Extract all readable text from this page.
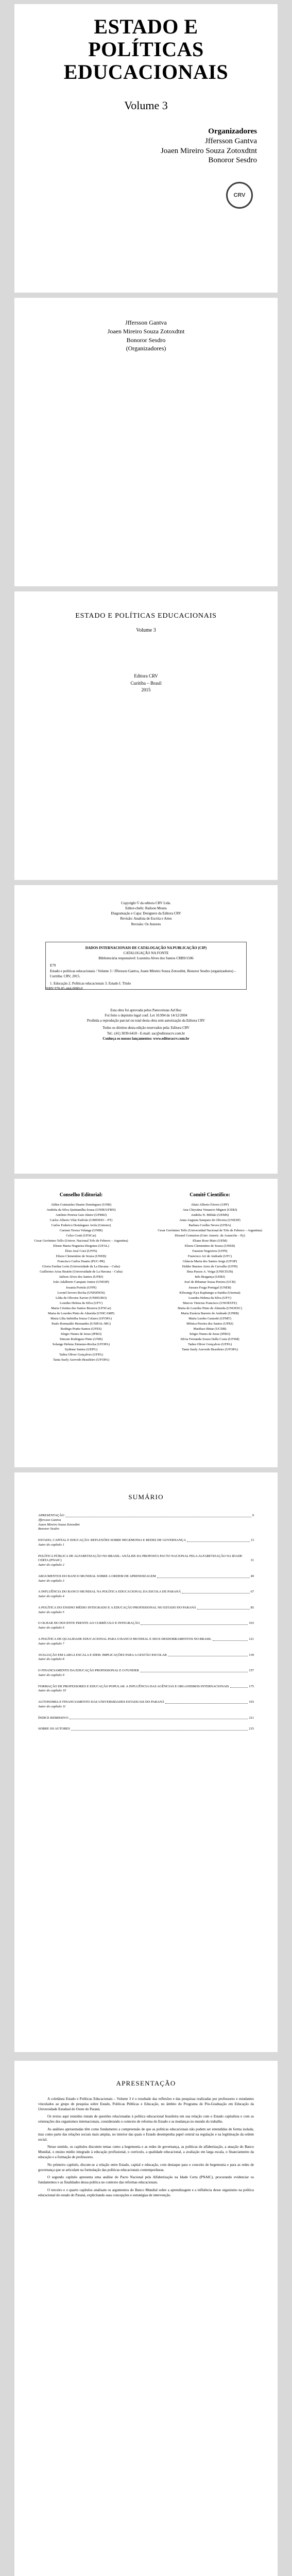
ESTADO E
POLÍTICAS
EDUCACIONAIS
Volume 3
Organizadores
Jffersson Gantva
Joaen Mireiro Souza Zotoxdtnt
Bonoror Sesdro
CRV
Jffersson Gantva
Joaen Mireiro Souza Zotoxdtnt
Bonoror Sesdro
(Organizadores)
ESTADO E POLÍTICAS EDUCACIONAIS
Volume 3
Editora CRV
Curitiba – Brasil
2015
Copyright © da editora CRV Ltda.
Editor-chefe: Railson Moura
Diagramação e Capa: Designers da Editora CRV
Revisão: Analista de Escrita e Artes
Revisão: Os Autores
DADOS INTERNACIONAIS DE CATALOGAÇÃO NA PUBLICAÇÃO (CIP)
CATALOGAÇÃO NA FONTE
Bibliotecária responsável: Luzenira Alves dos Santos CRB9/1506
E79
Estado e políticas educacionais / Volume 3 / Jffersson Gantva, Joaen Mireiro Souza Zotoxdtnt, Bonoror Sesdro (organizadores) – Curitiba: CRV, 2015.
1. Educação 2. Políticas educacionais 3. Estado I. Título
ISBN 978-85-444-0000-0
Esta obra foi aprovada pelos Pareceristas Ad Hoc
Foi feito o depósito legal conf. Lei 10.994 de 14/12/2004
Proibida a reprodução parcial ou total desta obra sem autorização da Editora CRV
Todos os direitos desta edição reservados pela: Editora CRV
Tel.: (41) 3039-6418 - E-mail: sac@editoracrv.com.br
Conheça os nossos lançamentos: www.editoracrv.com.br
Conselho Editorial:
Aldira Guimarães Duarte Domínguez (UNB)
Andréia da Silva Quintanilha Sousa (UNIR/UFRN)
Antônio Pereira Gaio Júnior (UFRRJ)
Carlos Alberto Vilar Estêvão (UMINHO – PT)
Carlos Federico Domínguez Avila (Unieuro)
Carmen Tereza Velanga (UNIR)
Celso Conti (UFSCar)
Cesar Gerónimo Tello (Univer. Nacional Três de Febrero – Argentina)
Elione Maria Nogueira Diogenes (UFAL)
Élsio José Corá (UFFS)
Elizeu Clementino de Souza (UNEB)
Francisco Carlos Duarte (PUC-PR)
Gloria Fariñas León (Universidade de La Havana – Cuba)
Guillermo Arias Beatón (Universidade de La Havana – Cuba)
Jailson Alves dos Santos (UFRJ)
João Adalberto Campato Junior (UNESP)
Josania Portela (UFPI)
Leonel Severo Rocha (UNISINOS)
Lídia de Oliveira Xavier (UNIEURO)
Lourdes Helena da Silva (UFV)
Maria Cristina dos Santos Bezerra (UFSCar)
Maria de Lourdes Pinto de Almeida (UNICAMP)
Maria Lília Imbiriba Sousa Colares (UFOPA)
Paulo Romualdo Hernandes (UNIFAL-MG)
Rodrigo Pratte-Santos (UFES)
Sérgio Nunes de Jesus (IFRO)
Simone Rodrigues Pinto (UNB)
Solange Helena Ximenes-Rocha (UFOPA)
Sydione Santos (UEPG)
Tadeu Oliver Gonçalves (UFPA)
Tania Suely Azevedo Brasileiro (UFOPA)
Comitê Científico:
Altair Alberto Fávero (UPF)
Ana Chrystina Venancio Mignot (UERJ)
Andréia N. Militão (UEMS)
Anna Augusta Sampaio de Oliveira (UNESP)
Barbara Coelho Neves (UFBA)
Cesar Gerónimo Tello (Universidad Nacional de Três de Febrero – Argentina)
Diosnel Centurion (Univ Americ. de Asunción – Py)
Eliane Rose Maio (UEM)
Elizeu Clementino de Souza (UNEB)
Fauston Negreiros (UFPI)
Francisco Ari de Andrade (UFC)
Gláucia Maria dos Santos Jorge (UFOP)
Helder Buenos Aires de Carvalho (UFPI)
Ilma Passos A. Veiga (UNICEUB)
Inês Bragança (UERJ)
José de Ribamar Sousa Pereira (UCB)
Jussara Fraga Portugal (UNEB)
Kilwangy Kya Kapitango-a-Samba (Unemat)
Lourdes Helena da Silva (UFV)
Marcos Vinicius Francisco (UNOESTE)
Maria de Lourdes Pinto de Almeida (UNOESC)
Maria Eurácia Barreto de Andrade (UFRB)
Maria Lurdes Ganzetti (UFMT)
Mônica Pereira dos Santos (UFRJ)
Mariluce Bittar (UCDB)
Sérgio Nunes de Jesus (IFRO)
Silvia Fernanda Souza Dalla Costa (UFSM)
Tadeu Oliver Gonçalves (UFPA)
Tania Suely Azevedo Brasileiro (UFOPA)
SUMÁRIO
APRESENTAÇÃO	9
Jffersson Gantva
Joaen Mireiro Souza Zotoxdtnt
Bonoror Sesdro
ESTADO, CAPITAL E EDUCAÇÃO: REFLEXÕES SOBRE HEGEMONIA E REDES DE GOVERNANÇA	13
Autor do capítulo 1
POLÍTICA PÚBLICA DE ALFABETIZAÇÃO NO BRASIL: ANÁLISE DA PROPOSTA PACTO NACIONAL PELA ALFABETIZAÇÃO NA IDADE CERTA (PNAIC)	31
Autor do capítulo 2
ARGUMENTOS DO BANCO MUNDIAL SOBRE A ORDEM DE APRENDIZAGEM	49
Autor do capítulo 3
A INFLUÊNCIA DO BANCO MUNDIAL NA POLÍTICA EDUCACIONAL DA ESCOLA DE PARANÁ	67
Autor do capítulo 4
A POLÍTICA DO ENSINO MÉDIO INTEGRADO E A EDUCAÇÃO PROFISSIONAL NO ESTADO DO PARANÁ	85
Autor do capítulo 5
O OLHAR DO DOCENTE FRENTE AO CURRÍCULO E INTEGRAÇÃO	103
Autor do capítulo 6
A POLÍTICA DE QUALIDADE EDUCACIONAL PARA O BANCO MUNDIAL E SEUS DESDOBRAMENTOS NO BRASIL	121
Autor do capítulo 7
AVALIAÇÃO EM LARGA ESCALA E IDEB: IMPLICAÇÕES PARA A GESTÃO ESCOLAR	139
Autor do capítulo 8
O FINANCIAMENTO DA EDUCAÇÃO PROFISSIONAL E O FUNDEB	157
Autor do capítulo 9
FORMAÇÃO DE PROFESSORES E EDUCAÇÃO POPULAR: A INFLUÊNCIA DAS AGÊNCIAS E ORGANISMOS INTERNACIONAIS	175
Autor do capítulo 10
AUTONOMIA E FINANCIAMENTO DAS UNIVERSIDADES ESTADUAIS DO PARANÁ	193
Autor do capítulo 11
ÍNDICE REMISSIVO	211
SOBRE OS AUTORES	215
APRESENTAÇÃO

A coletânea Estado e Políticas Educacionais – Volume 3 é o resultado das reflexões e das pesquisas realizadas por professores e estudantes vinculados ao grupo de pesquisa sobre Estado, Políticas Públicas e Educação, no âmbito do Programa de Pós-Graduação em Educação da Universidade Estadual do Oeste do Paraná.

Os textos aqui reunidos tratam de questões relacionadas à política educacional brasileira em sua relação com o Estado capitalista e com as orientações dos organismos internacionais, considerando o contexto de reforma do Estado e as mudanças no mundo do trabalho.

As análises apresentadas têm como fundamento a compreensão de que as políticas educacionais não podem ser entendidas de forma isolada, mas como parte das relações sociais mais amplas, no interior das quais o Estado desempenha papel central na regulação e na legitimação da ordem social.

Nesse sentido, os capítulos discutem temas como a hegemonia e as redes de governança, as políticas de alfabetização, a atuação do Banco Mundial, o ensino médio integrado à educação profissional, o currículo, a qualidade educacional, a avaliação em larga escala, o financiamento da educação e a formação de professores.

No primeiro capítulo, discute-se a relação entre Estado, capital e educação, com destaque para o conceito de hegemonia e para as redes de governança que se articulam na formulação das políticas educacionais contemporâneas.

O segundo capítulo apresenta uma análise do Pacto Nacional pela Alfabetização na Idade Certa (PNAIC), procurando evidenciar os fundamentos e as finalidades dessa política no contexto das reformas educacionais.

O terceiro e o quarto capítulos analisam os argumentos do Banco Mundial sobre a aprendizagem e a influência desse organismo na política educacional do estado do Paraná, explicitando suas concepções e estratégias de intervenção.
